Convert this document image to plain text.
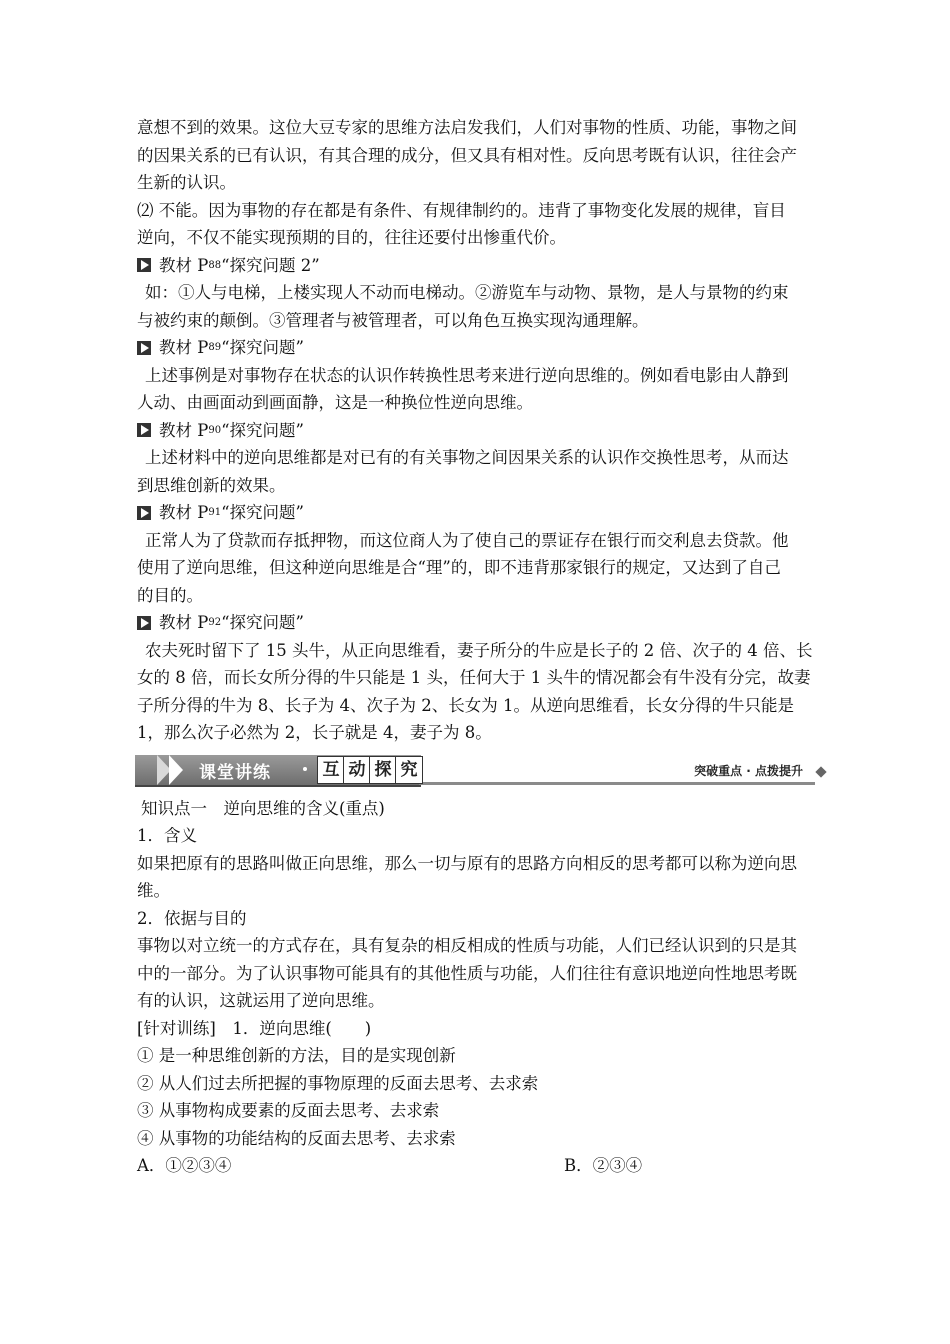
意想不到的效果。这位大豆专家的思维方法启发我们，人们对事物的性质、功能，事物之间
的因果关系的已有认识，有其合理的成分，但又具有相对性。反向思考既有认识，往往会产
生新的认识。
⑵ 不能。因为事物的存在都是有条件、有规律制约的。违背了事物变化发展的规律，盲目
逆向，不仅不能实现预期的目的，往往还要付出惨重代价。
教材 P 88 “探究问题 2”
如：①人与电梯，上楼实现人不动而电梯动。②游览车与动物、景物，是人与景物的约束
与被约束的颠倒。③管理者与被管理者，可以角色互换实现沟通理解。
教材 P 89 “探究问题”
上述事例是对事物存在状态的认识作转换性思考来进行逆向思维的。例如看电影由人静到
人动、由画面动到画面静，这是一种换位性逆向思维。
教材 P 90 “探究问题”
上述材料中的逆向思维都是对已有的有关事物之间因果关系的认识作交换性思考，从而达
到思维创新的效果。
教材 P 91 “探究问题”
正常人为了贷款而存抵押物，而这位商人为了使自己的票证存在银行而交利息去贷款。他
使用了逆向思维，但这种逆向思维是合“理”的，即不违背那家银行的规定，又达到了自己
的目的。
教材 P 92 “探究问题”
农夫死时留下了 15 头牛，从正向思维看，妻子所分的牛应是长子的 2 倍、次子的 4 倍、长
女的 8 倍，而长女所分得的牛只能是 1 头，任何大于 1 头牛的情况都会有牛没有分完，故妻
子所分得的牛为 8、长子为 4、次子为 2、长女为 1。从逆向思维看，长女分得的牛只能是
1，那么次子必然为 2，长子就是 4，妻子为 8。
课堂讲练	互 动 探 究	突破重点 · 点拨提升
知识点一　逆向思维的含义(重点)
1．含义
如果把原有的思路叫做正向思维，那么一切与原有的思路方向相反的思考都可以称为逆向思
维。
2．依据与目的
事物以对立统一的方式存在，具有复杂的相反相成的性质与功能，人们已经认识到的只是其
中的一部分。为了认识事物可能具有的其他性质与功能，人们往往有意识地逆向性地思考既
有的认识，这就运用了逆向思维。
[针对训练]　1．逆向思维(　　)
① 是一种思维创新的方法，目的是实现创新
② 从人们过去所把握的事物原理的反面去思考、去求索
③ 从事物构成要素的反面去思考、去求索
④ 从事物的功能结构的反面去思考、去求索
A．①②③④	B．②③④
